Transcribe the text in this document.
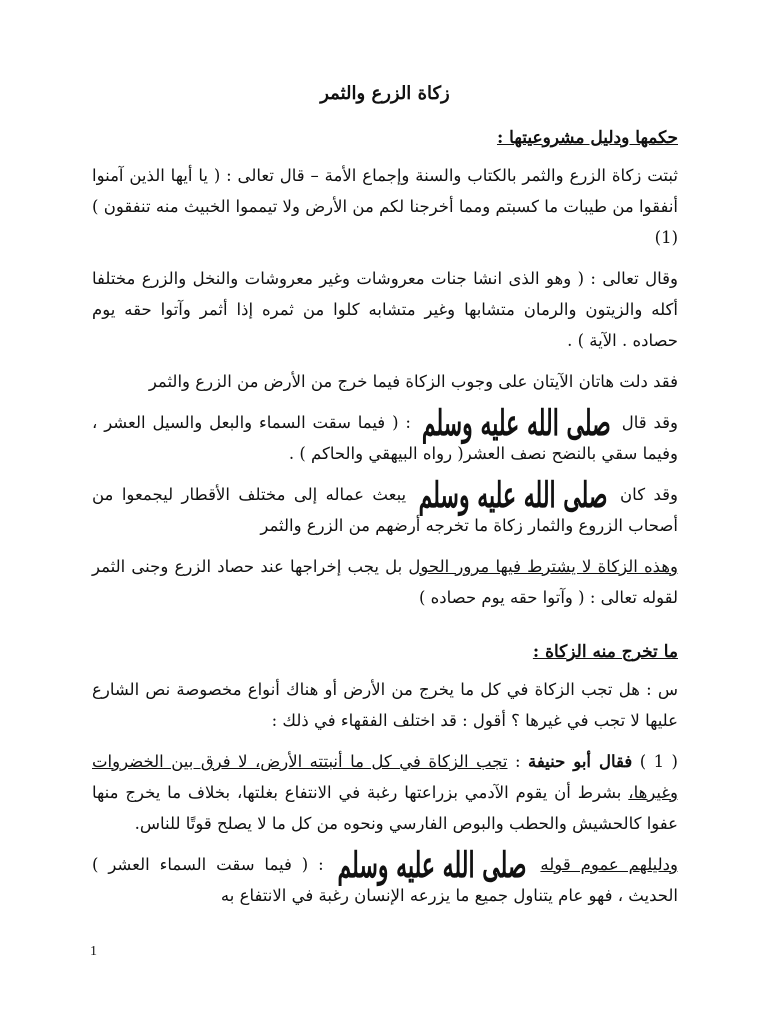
زكاة الزرع والثمر
حكمها ودليل مشروعيتها :

ثبتت زكاة الزرع والثمر بالكتاب والسنة وإجماع الأمة – قال تعالى : ( يا أيها الذين آمنوا أنفقوا من طيبات ما كسبتم ومما أخرجنا لكم من الأرض ولا تيمموا الخبيث منه تنفقون ) (1)

وقال تعالى : ( وهو الذى انشا جنات معروشات وغير معروشات والنخل والزرع مختلفا أكله والزيتون والرمان متشابها وغير متشابه كلوا من ثمره إذا أثمر وآتوا حقه يوم حصاده . الآية ) .

فقد دلت هاتان الآيتان على وجوب الزكاة فيما خرج من الأرض من الزرع والثمر

وقد قال صلى الله عليه وسلم : ( فيما سقت السماء والبعل والسيل العشر ، وفيما سقي بالنضح نصف العشر( رواه البيهقي والحاكم ) .

وقد كان صلى الله عليه وسلم يبعث عماله إلى مختلف الأقطار ليجمعوا من أصحاب الزروع والثمار زكاة ما تخرجه أرضهم من الزرع والثمر

وهذه الزكاة لا يشترط فيها مرور الحول بل يجب إخراجها عند حصاد الزرع وجنى الثمر لقوله تعالى : ( وآتوا حقه يوم حصاده )

ما تخرج منه الزكاة :

س : هل تجب الزكاة في كل ما يخرج من الأرض أو هناك أنواع مخصوصة نص الشارع عليها لا تجب في غيرها ؟ أقول : قد اختلف الفقهاء في ذلك :

( 1 ) فقال أبو حنيفة : تجب الزكاة في كل ما أنبتته الأرض، لا فرق بين الخضروات وغيرها، بشرط أن يقوم الآدمي بزراعتها رغبة في الانتفاع بغلتها، بخلاف ما يخرج منها عفوا كالحشيش والحطب والبوص الفارسي ونحوه من كل ما لا يصلح قوتًا للناس.

ودليلهم عموم قوله صلى الله عليه وسلم : ( فيما سقت السماء العشر ) الحديث ، فهو عام يتناول جميع ما يزرعه الإنسان رغبة في الانتفاع به

1
